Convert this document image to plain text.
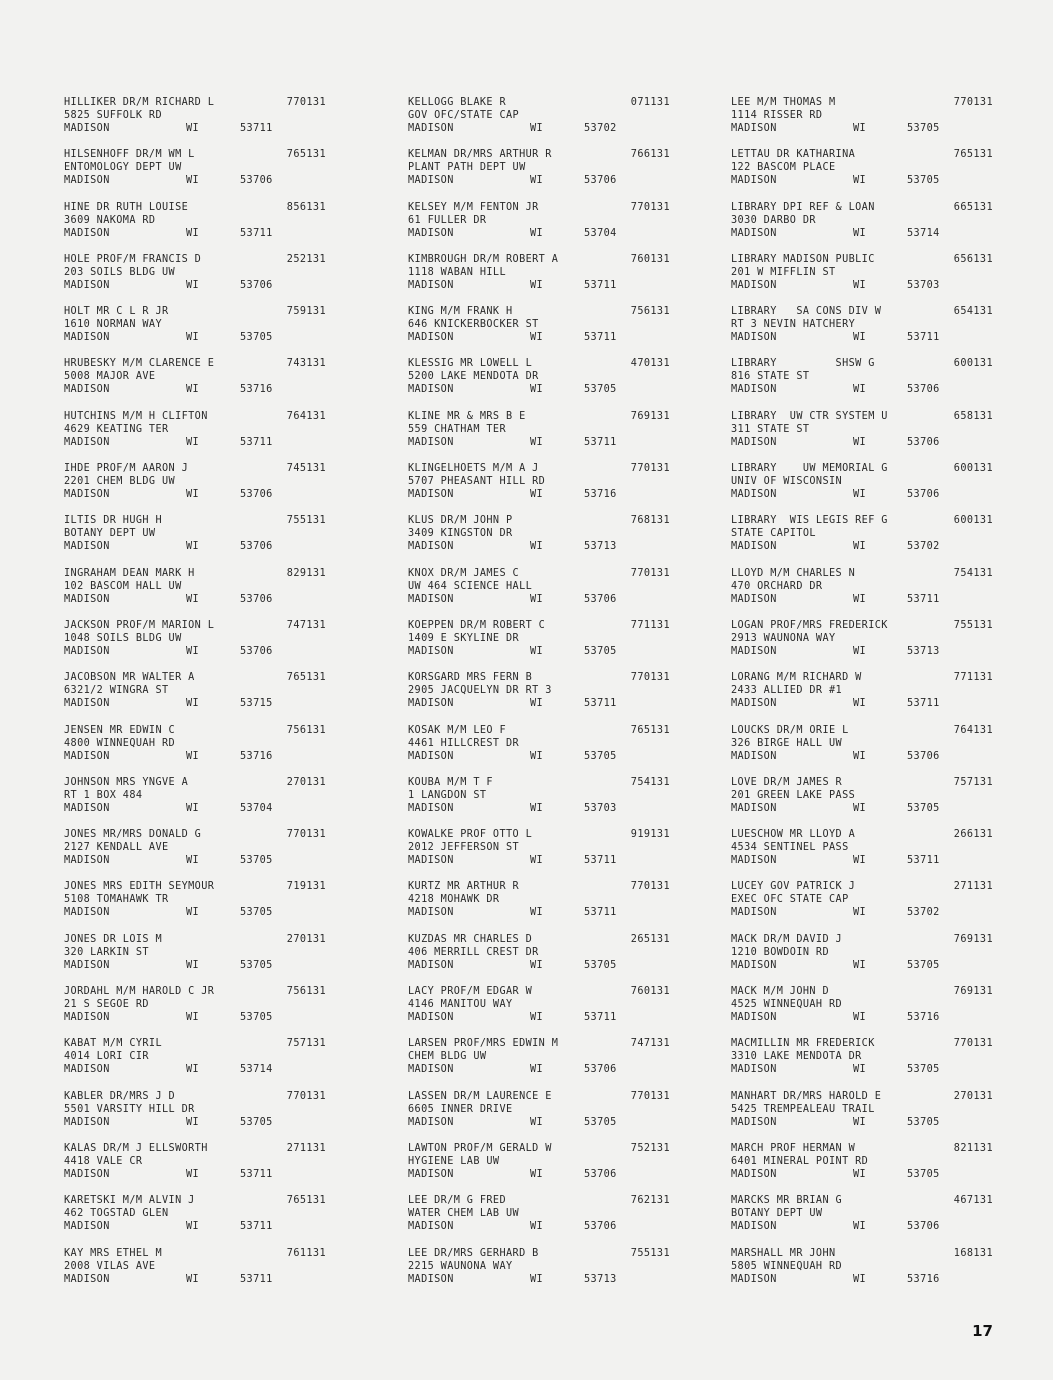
HILLIKER DR/M RICHARD L	770131
5825 SUFFOLK RD
MADISON	WI	53711
HILSENHOFF DR/M WM L	765131
ENTOMOLOGY DEPT UW
MADISON	WI	53706
HINE DR RUTH LOUISE	856131
3609 NAKOMA RD
MADISON	WI	53711
HOLE PROF/M FRANCIS D	252131
203 SOILS BLDG UW
MADISON	WI	53706
HOLT MR C L R JR	759131
1610 NORMAN WAY
MADISON	WI	53705
HRUBESKY M/M CLARENCE E	743131
5008 MAJOR AVE
MADISON	WI	53716
HUTCHINS M/M H CLIFTON	764131
4629 KEATING TER
MADISON	WI	53711
IHDE PROF/M AARON J	745131
2201 CHEM BLDG UW
MADISON	WI	53706
ILTIS DR HUGH H	755131
BOTANY DEPT UW
MADISON	WI	53706
INGRAHAM DEAN MARK H	829131
102 BASCOM HALL UW
MADISON	WI	53706
JACKSON PROF/M MARION L	747131
1048 SOILS BLDG UW
MADISON	WI	53706
JACOBSON MR WALTER A	765131
6321/2 WINGRA ST
MADISON	WI	53715
JENSEN MR EDWIN C	756131
4800 WINNEQUAH RD
MADISON	WI	53716
JOHNSON MRS YNGVE A	270131
RT 1 BOX 484
MADISON	WI	53704
JONES MR/MRS DONALD G	770131
2127 KENDALL AVE
MADISON	WI	53705
JONES MRS EDITH SEYMOUR	719131
5108 TOMAHAWK TR
MADISON	WI	53705
JONES DR LOIS M	270131
320 LARKIN ST
MADISON	WI	53705
JORDAHL M/M HAROLD C JR	756131
21 S SEGOE RD
MADISON	WI	53705
KABAT M/M CYRIL	757131
4014 LORI CIR
MADISON	WI	53714
KABLER DR/MRS J D	770131
5501 VARSITY HILL DR
MADISON	WI	53705
KALAS DR/M J ELLSWORTH	271131
4418 VALE CR
MADISON	WI	53711
KARETSKI M/M ALVIN J	765131
462 TOGSTAD GLEN
MADISON	WI	53711
KAY MRS ETHEL M	761131
2008 VILAS AVE
MADISON	WI	53711
KELLOGG BLAKE R	071131
GOV OFC/STATE CAP
MADISON	WI	53702
KELMAN DR/MRS ARTHUR R	766131
PLANT PATH DEPT UW
MADISON	WI	53706
KELSEY M/M FENTON JR	770131
61 FULLER DR
MADISON	WI	53704
KIMBROUGH DR/M ROBERT A	760131
1118 WABAN HILL
MADISON	WI	53711
KING M/M FRANK H	756131
646 KNICKERBOCKER ST
MADISON	WI	53711
KLESSIG MR LOWELL L	470131
5200 LAKE MENDOTA DR
MADISON	WI	53705
KLINE MR & MRS B E	769131
559 CHATHAM TER
MADISON	WI	53711
KLINGELHOETS M/M A J	770131
5707 PHEASANT HILL RD
MADISON	WI	53716
KLUS DR/M JOHN P	768131
3409 KINGSTON DR
MADISON	WI	53713
KNOX DR/M JAMES C	770131
UW 464 SCIENCE HALL
MADISON	WI	53706
KOEPPEN DR/M ROBERT C	771131
1409 E SKYLINE DR
MADISON	WI	53705
KORSGARD MRS FERN B	770131
2905 JACQUELYN DR RT 3
MADISON	WI	53711
KOSAK M/M LEO F	765131
4461 HILLCREST DR
MADISON	WI	53705
KOUBA M/M T F	754131
1 LANGDON ST
MADISON	WI	53703
KOWALKE PROF OTTO L	919131
2012 JEFFERSON ST
MADISON	WI	53711
KURTZ MR ARTHUR R	770131
4218 MOHAWK DR
MADISON	WI	53711
KUZDAS MR CHARLES D	265131
406 MERRILL CREST DR
MADISON	WI	53705
LACY PROF/M EDGAR W	760131
4146 MANITOU WAY
MADISON	WI	53711
LARSEN PROF/MRS EDWIN M	747131
CHEM BLDG UW
MADISON	WI	53706
LASSEN DR/M LAURENCE E	770131
6605 INNER DRIVE
MADISON	WI	53705
LAWTON PROF/M GERALD W	752131
HYGIENE LAB UW
MADISON	WI	53706
LEE DR/M G FRED	762131
WATER CHEM LAB UW
MADISON	WI	53706
LEE DR/MRS GERHARD B	755131
2215 WAUNONA WAY
MADISON	WI	53713
LEE M/M THOMAS M	770131
1114 RISSER RD
MADISON	WI	53705
LETTAU DR KATHARINA	765131
122 BASCOM PLACE
MADISON	WI	53705
LIBRARY DPI REF & LOAN	665131
3030 DARBO DR
MADISON	WI	53714
LIBRARY MADISON PUBLIC	656131
201 W MIFFLIN ST
MADISON	WI	53703
LIBRARY   SA CONS DIV W	654131
RT 3 NEVIN HATCHERY
MADISON	WI	53711
LIBRARY         SHSW G	600131
816 STATE ST
MADISON	WI	53706
LIBRARY  UW CTR SYSTEM U	658131
311 STATE ST
MADISON	WI	53706
LIBRARY    UW MEMORIAL G	600131
UNIV OF WISCONSIN
MADISON	WI	53706
LIBRARY  WIS LEGIS REF G	600131
STATE CAPITOL
MADISON	WI	53702
LLOYD M/M CHARLES N	754131
470 ORCHARD DR
MADISON	WI	53711
LOGAN PROF/MRS FREDERICK	755131
2913 WAUNONA WAY
MADISON	WI	53713
LORANG M/M RICHARD W	771131
2433 ALLIED DR #1
MADISON	WI	53711
LOUCKS DR/M ORIE L	764131
326 BIRGE HALL UW
MADISON	WI	53706
LOVE DR/M JAMES R	757131
201 GREEN LAKE PASS
MADISON	WI	53705
LUESCHOW MR LLOYD A	266131
4534 SENTINEL PASS
MADISON	WI	53711
LUCEY GOV PATRICK J	271131
EXEC OFC STATE CAP
MADISON	WI	53702
MACK DR/M DAVID J	769131
1210 BOWDOIN RD
MADISON	WI	53705
MACK M/M JOHN D	769131
4525 WINNEQUAH RD
MADISON	WI	53716
MACMILLIN MR FREDERICK	770131
3310 LAKE MENDOTA DR
MADISON	WI	53705
MANHART DR/MRS HAROLD E	270131
5425 TREMPEALEAU TRAIL
MADISON	WI	53705
MARCH PROF HERMAN W	821131
6401 MINERAL POINT RD
MADISON	WI	53705
MARCKS MR BRIAN G	467131
BOTANY DEPT UW
MADISON	WI	53706
MARSHALL MR JOHN	168131
5805 WINNEQUAH RD
MADISON	WI	53716
17
